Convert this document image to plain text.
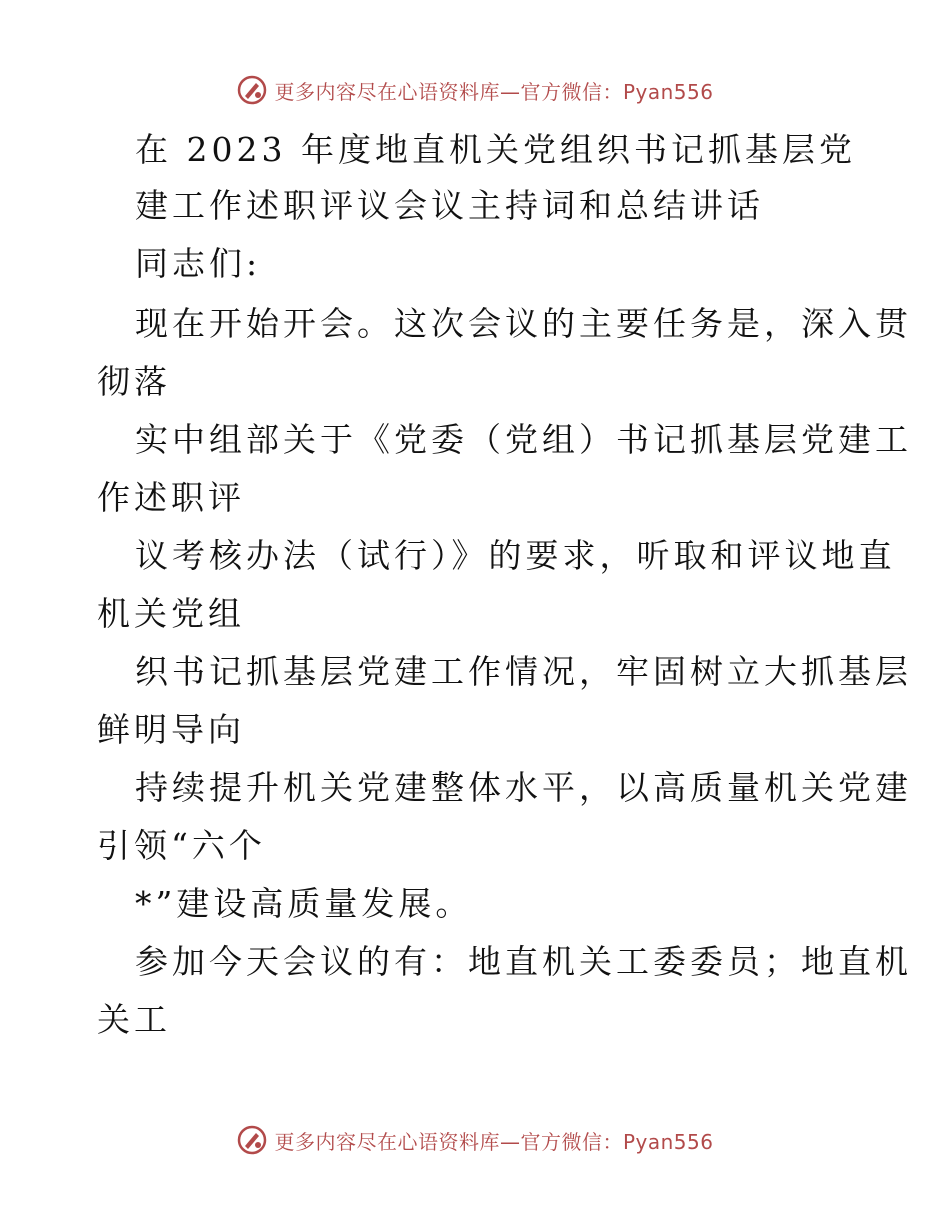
更多内容尽在心语资料库—官方微信：Pyan556
在 2023 年度地直机关党组织书记抓基层党
建工作述职评议会议主持词和总结讲话
同志们:
现在开始开会。这次会议的主要任务是，深入贯
彻落
实中组部关于《党委（党组）书记抓基层党建工
作述职评
议考核办法（试行）》的要求，听取和评议地直
机关党组
织书记抓基层党建工作情况，牢固树立大抓基层
鲜明导向
持续提升机关党建整体水平，以高质量机关党建
引领“六个
*”建设高质量发展。
参加今天会议的有：地直机关工委委员；地直机
关工
更多内容尽在心语资料库—官方微信：Pyan556
